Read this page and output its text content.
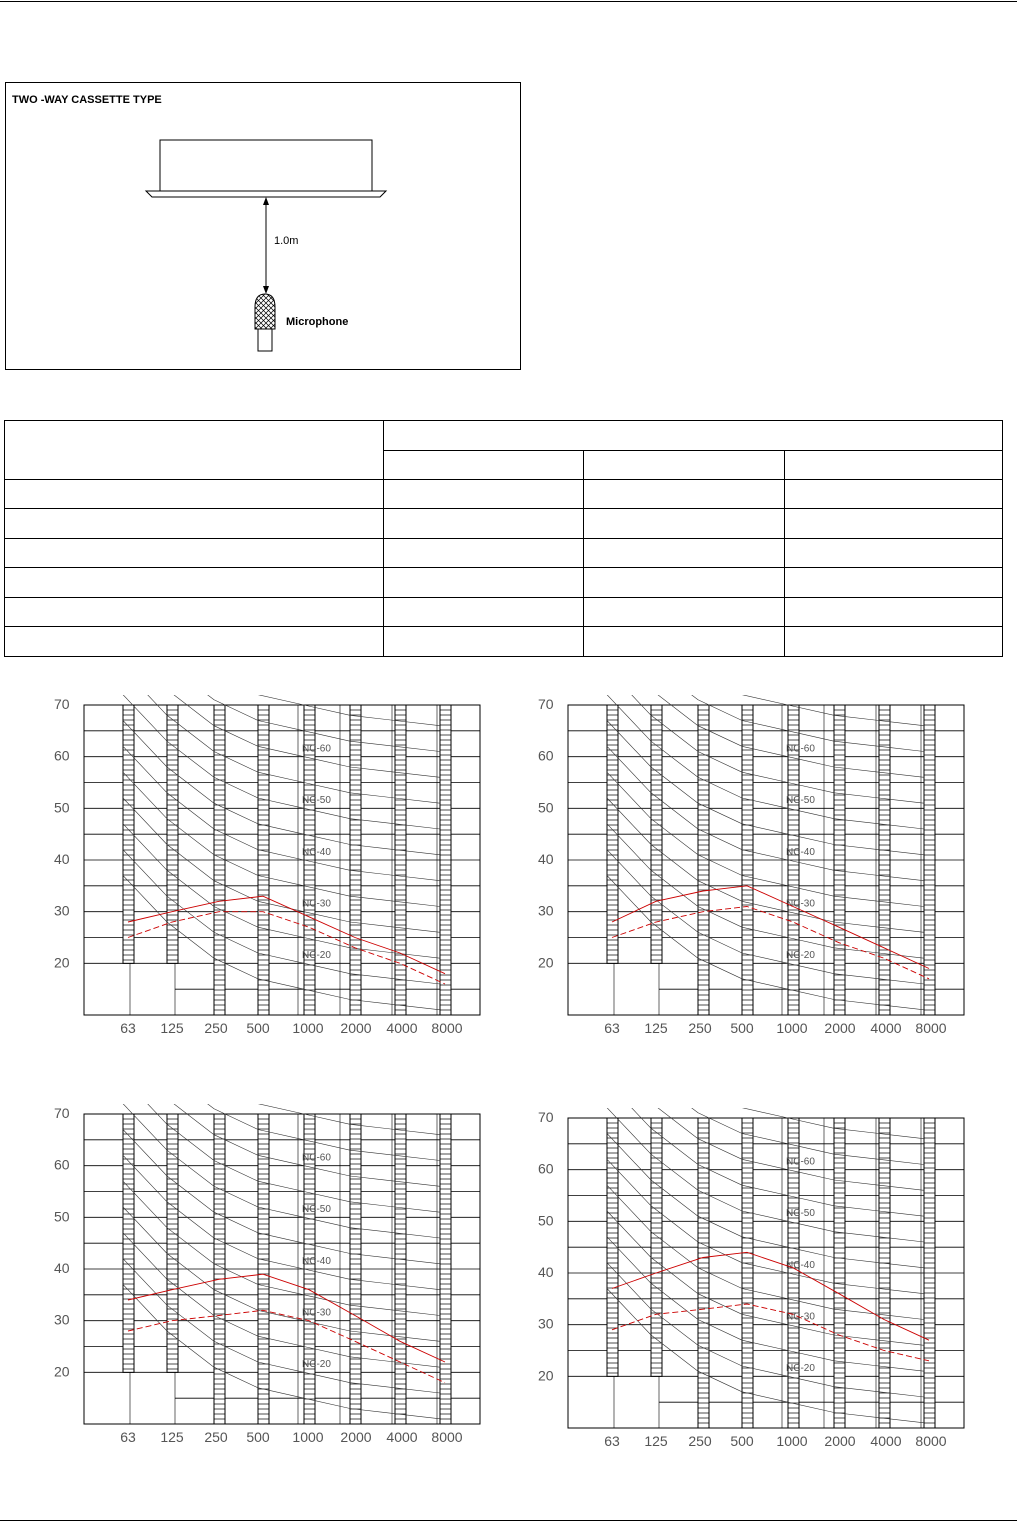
TWO -WAY CASSETTE TYPE
1.0m
Microphone

NC-60
NC-50
NC-40
NC-30
NC-20
70
60
50
40
30
20
63 125 250 500 1000 2000 4000 8000
NC-60
NC-50
NC-40
NC-30
NC-20
70
60
50
40
30
20
63 125 250 500 1000 2000 4000 8000
NC-60
NC-50
NC-40
NC-30
NC-20
70
60
50
40
30
20
63 125 250 500 1000 2000 4000 8000
NC-60
NC-50
NC-40
NC-30
NC-20
70
60
50
40
30
20
63 125 250 500 1000 2000 4000 8000
